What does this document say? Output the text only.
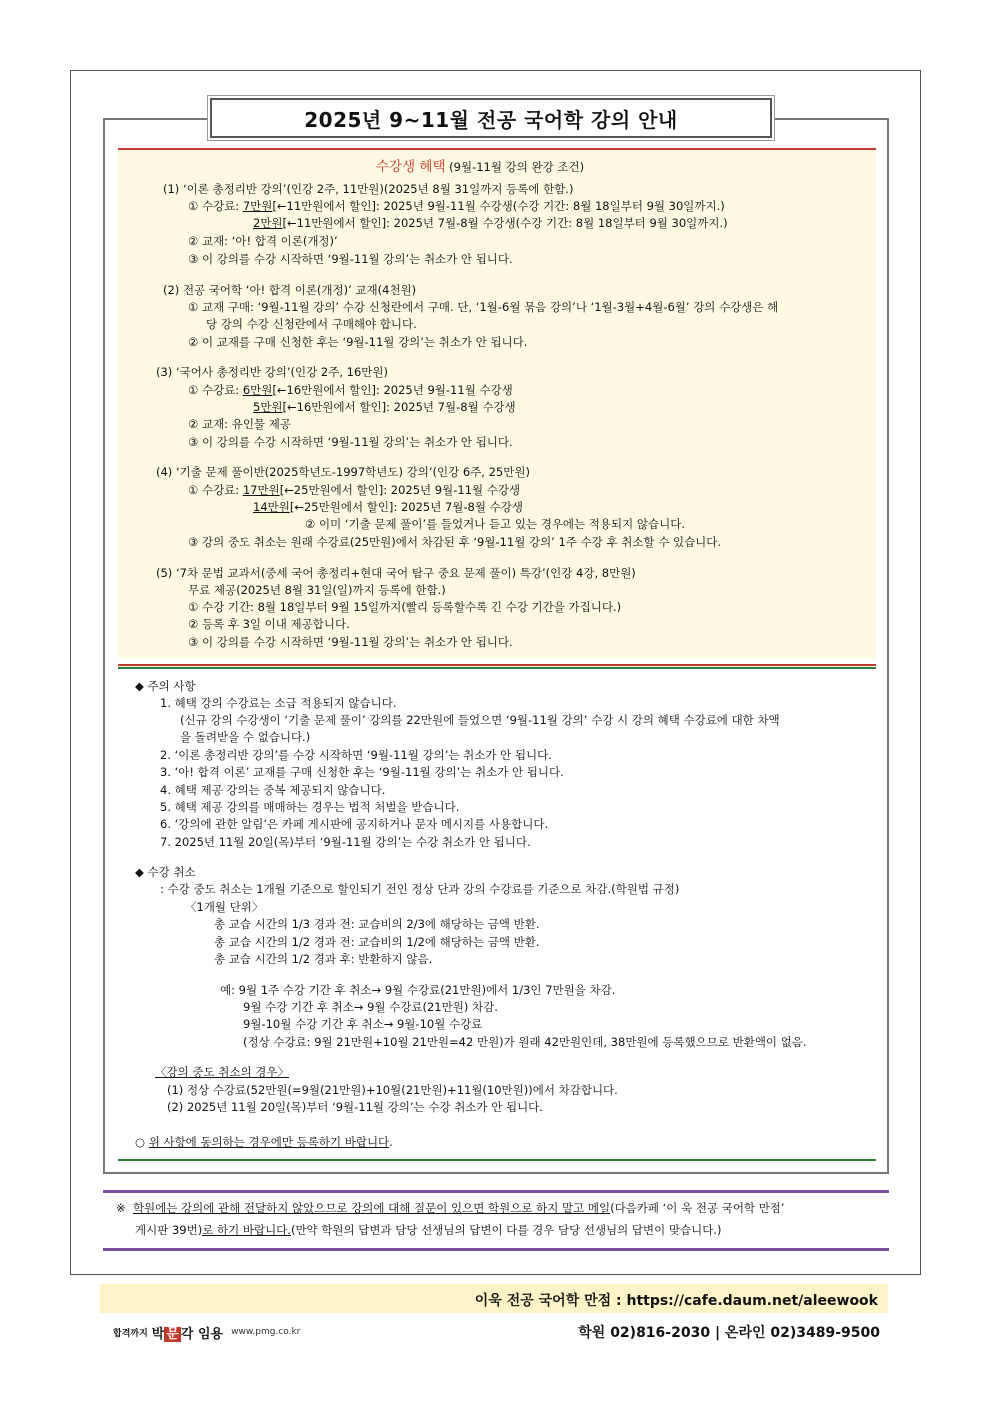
2025년 9~11월 전공 국어학 강의 안내
수강생 혜택 (9월-11월 강의 완강 조건)
(1) ‘이론 총정리반 강의’(인강 2주, 11만원)(2025년 8월 31일까지 등록에 한함.)
① 수강료: 7만원[←11만원에서 할인]: 2025년 9월-11월 수강생(수강 기간: 8월 18일부터 9월 30일까지.)
2만원[←11만원에서 할인]: 2025년 7월-8월 수강생(수강 기간: 8월 18일부터 9월 30일까지.)
② 교재: ‘아! 합격 이론(개정)’
③ 이 강의를 수강 시작하면 ‘9월-11월 강의’는 취소가 안 됩니다.
(2) 전공 국어학 ‘아! 합격 이론(개정)’ 교재(4천원)
① 교재 구매: ‘9월-11월 강의’ 수강 신청란에서 구매. 단, ‘1월-6월 묶음 강의’나 ‘1월-3월+4월-6월’ 강의 수강생은 해
당 강의 수강 신청란에서 구매해야 합니다.
② 이 교재를 구매 신청한 후는 ‘9월-11월 강의’는 취소가 안 됩니다.
(3) ‘국어사 총정리반 강의’(인강 2주, 16만원)
① 수강료: 6만원[←16만원에서 할인]: 2025년 9월-11월 수강생
5만원[←16만원에서 할인]: 2025년 7월-8월 수강생
② 교재: 유인물 제공
③ 이 강의를 수강 시작하면 ‘9월-11월 강의’는 취소가 안 됩니다.
(4) ‘기출 문제 풀이반(2025학년도-1997학년도) 강의’(인강 6주, 25만원)
① 수강료: 17만원[←25만원에서 할인]: 2025년 9월-11월 수강생
14만원[←25만원에서 할인]: 2025년 7월-8월 수강생
② 이미 ‘기출 문제 풀이’를 들었거나 듣고 있는 경우에는 적용되지 않습니다.
③ 강의 중도 취소는 원래 수강료(25만원)에서 차감된 후 ‘9월-11월 강의’ 1주 수강 후 취소할 수 있습니다.
(5) ‘7차 문법 교과서(중세 국어 총정리+현대 국어 탐구 중요 문제 풀이) 특강’(인강 4강, 8만원)
무료 제공(2025년 8월 31일(일)까지 등록에 한함.)
① 수강 기간: 8월 18일부터 9월 15일까지(빨리 등록할수록 긴 수강 기간을 가집니다.)
② 등록 후 3일 이내 제공합니다.
③ 이 강의를 수강 시작하면 ‘9월-11월 강의’는 취소가 안 됩니다.
◆ 주의 사항
1. 혜택 강의 수강료는 소급 적용되지 않습니다.
(신규 강의 수강생이 ‘기출 문제 풀이’ 강의를 22만원에 들었으면 ‘9월-11월 강의’ 수강 시 강의 혜택 수강료에 대한 차액
을 돌려받을 수 없습니다.)
2. ‘이론 총정리반 강의’를 수강 시작하면 ‘9월-11월 강의’는 취소가 안 됩니다.
3. ‘아! 합격 이론’ 교재를 구매 신청한 후는 ‘9월-11월 강의’는 취소가 안 됩니다.
4. 혜택 제공 강의는 중복 제공되지 않습니다.
5. 혜택 제공 강의를 매매하는 경우는 법적 처벌을 받습니다.
6. ‘강의에 관한 알림’은 카페 게시판에 공지하거나 문자 메시지를 사용합니다.
7. 2025년 11월 20일(목)부터 ‘9월-11월 강의’는 수강 취소가 안 됩니다.
◆ 수강 취소
: 수강 중도 취소는 1개월 기준으로 할인되기 전인 정상 단과 강의 수강료를 기준으로 차감.(학원법 규정)
〈1개월 단위〉
총 교습 시간의 1/3 경과 전: 교습비의 2/3에 해당하는 금액 반환.
총 교습 시간의 1/2 경과 전: 교습비의 1/2에 해당하는 금액 반환.
총 교습 시간의 1/2 경과 후: 반환하지 않음.
예: 9월 1주 수강 기간 후 취소→ 9월 수강료(21만원)에서 1/3인 7만원을 차감.
9월 수강 기간 후 취소→ 9월 수강료(21만원) 차감.
9월-10월 수강 기간 후 취소→ 9월-10월 수강료
(정상 수강료: 9월 21만원+10월 21만원=42 만원)가 원래 42만원인데, 38만원에 등록했으므로 반환액이 없음.
〈강의 중도 취소의 경우〉
(1) 정상 수강료(52만원(=9월(21만원)+10월(21만원)+11월(10만원))에서 차감합니다.
(2) 2025년 11월 20일(목)부터 ‘9월-11월 강의’는 수강 취소가 안 됩니다.
○ 위 사항에 동의하는 경우에만 등록하기 바랍니다.
※ 학원에는 강의에 관해 전달하지 않았으므로 강의에 대해 질문이 있으면 학원으로 하지 말고 메일(다음카페 ‘이 욱 전공 국어학 만점’
게시판 39번)로 하기 바랍니다.(만약 학원의 답변과 담당 선생님의 답변이 다를 경우 담당 선생님의 답변이 맞습니다.)
이욱 전공 국어학 만점 : https://cafe.daum.net/aleewook
합격까지 박 문 각 임용 www.pmg.co.kr	학원 02)816-2030 | 온라인 02)3489-9500
